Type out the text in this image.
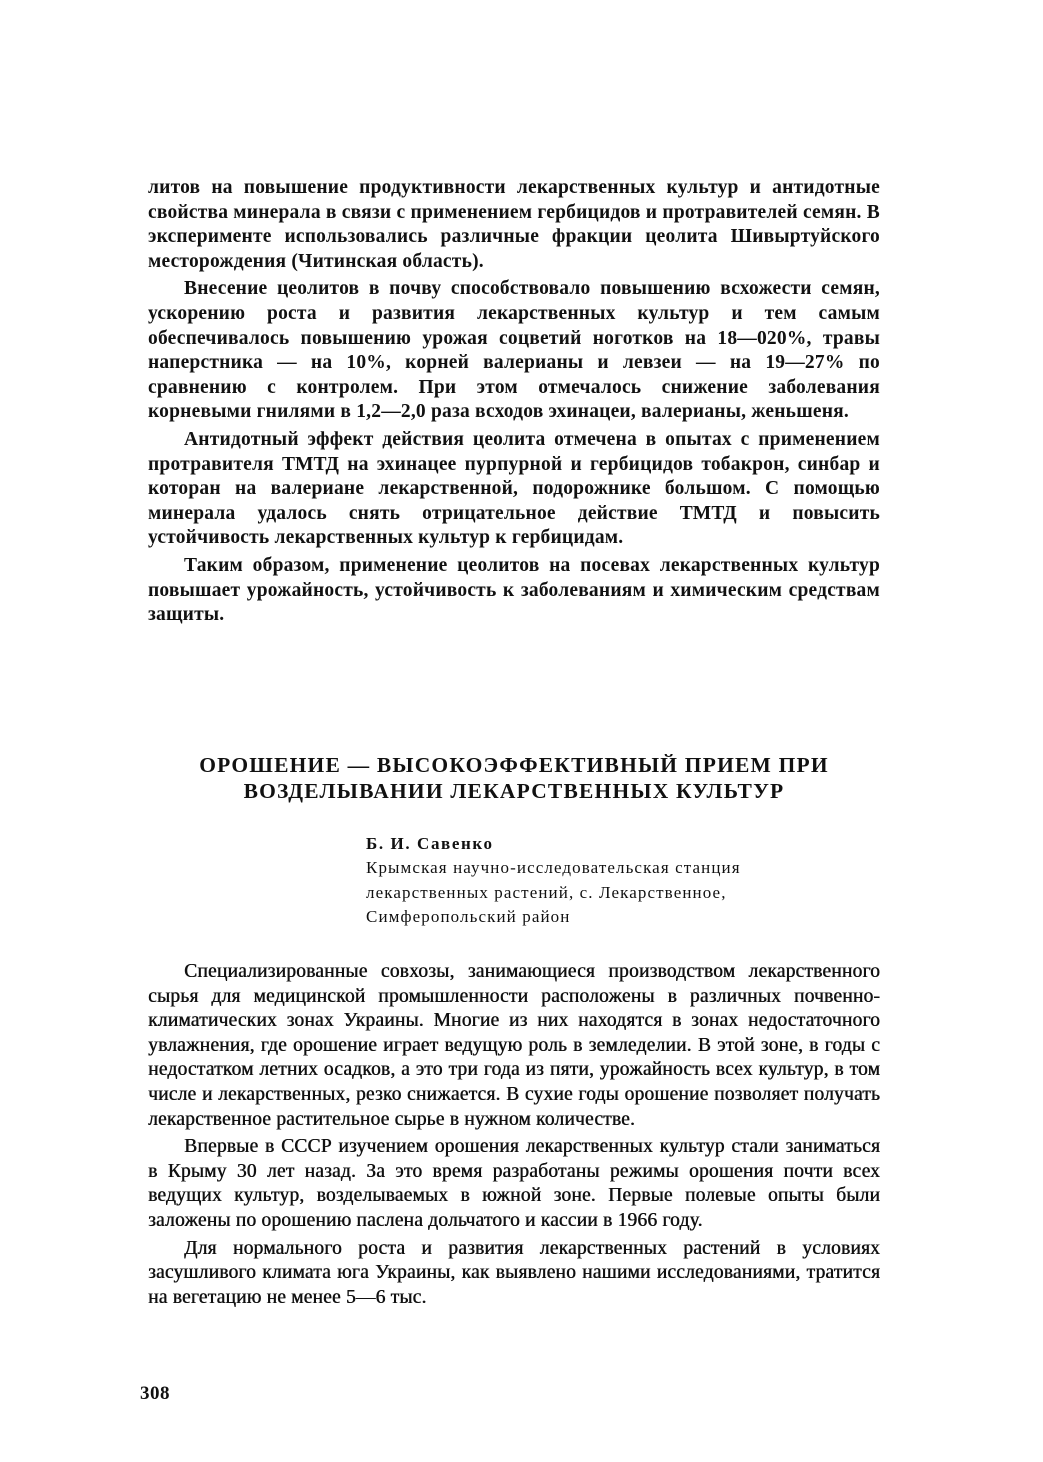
литов на повышение продуктивности лекарственных культур и антидотные свойства минерала в связи с применением гербицидов и протравителей семян. В эксперименте использовались различные фракции цеолита Шивыртуйского месторождения (Читинская область).

Внесение цеолитов в почву способствовало повышению всхожести семян, ускорению роста и развития лекарственных культур и тем самым обеспечивалось повышению урожая соцветий ноготков на 18—020%, травы наперстника — на 10%, корней валерианы и левзеи — на 19—27% по сравнению с контролем. При этом отмечалось снижение заболевания корневыми гнилями в 1,2—2,0 раза всходов эхинацеи, валерианы, женьшеня.

Антидотный эффект действия цеолита отмечена в опытах с применением протравителя ТМТД на эхинацее пурпурной и гербицидов тобакрон, синбар и которан на валериане лекарственной, подорожнике большом. С помощью минерала удалось снять отрицательное действие ТМТД и повысить устойчивость лекарственных культур к гербицидам.

Таким образом, применение цеолитов на посевах лекарственных культур повышает урожайность, устойчивость к заболеваниям и химическим средствам защиты.

ОРОШЕНИЕ — ВЫСОКОЭФФЕКТИВНЫЙ ПРИЕМ ПРИ
ВОЗДЕЛЫВАНИИ ЛЕКАРСТВЕННЫХ КУЛЬТУР
Б. И. Савенко
Крымская научно-исследовательская станция
лекарственных растений, с. Лекарственное,
Симферопольский район

Специализированные совхозы, занимающиеся производством лекарственного сырья для медицинской промышленности расположены в различных почвенно-климатических зонах Украины. Многие из них находятся в зонах недостаточного увлажнения, где орошение играет ведущую роль в земледелии. В этой зоне, в годы с недостатком летних осадков, а это три года из пяти, урожайность всех культур, в том числе и лекарственных, резко снижается. В сухие годы орошение позволяет получать лекарственное растительное сырье в нужном количестве.

Впервые в СССР изучением орошения лекарственных культур стали заниматься в Крыму 30 лет назад. За это время разработаны режимы орошения почти всех ведущих культур, возделываемых в южной зоне. Первые полевые опыты были заложены по орошению паслена дольчатого и кассии в 1966 году.

Для нормального роста и развития лекарственных растений в условиях засушливого климата юга Украины, как выявлено нашими исследованиями, тратится на вегетацию не менее 5—6 тыс.

308
